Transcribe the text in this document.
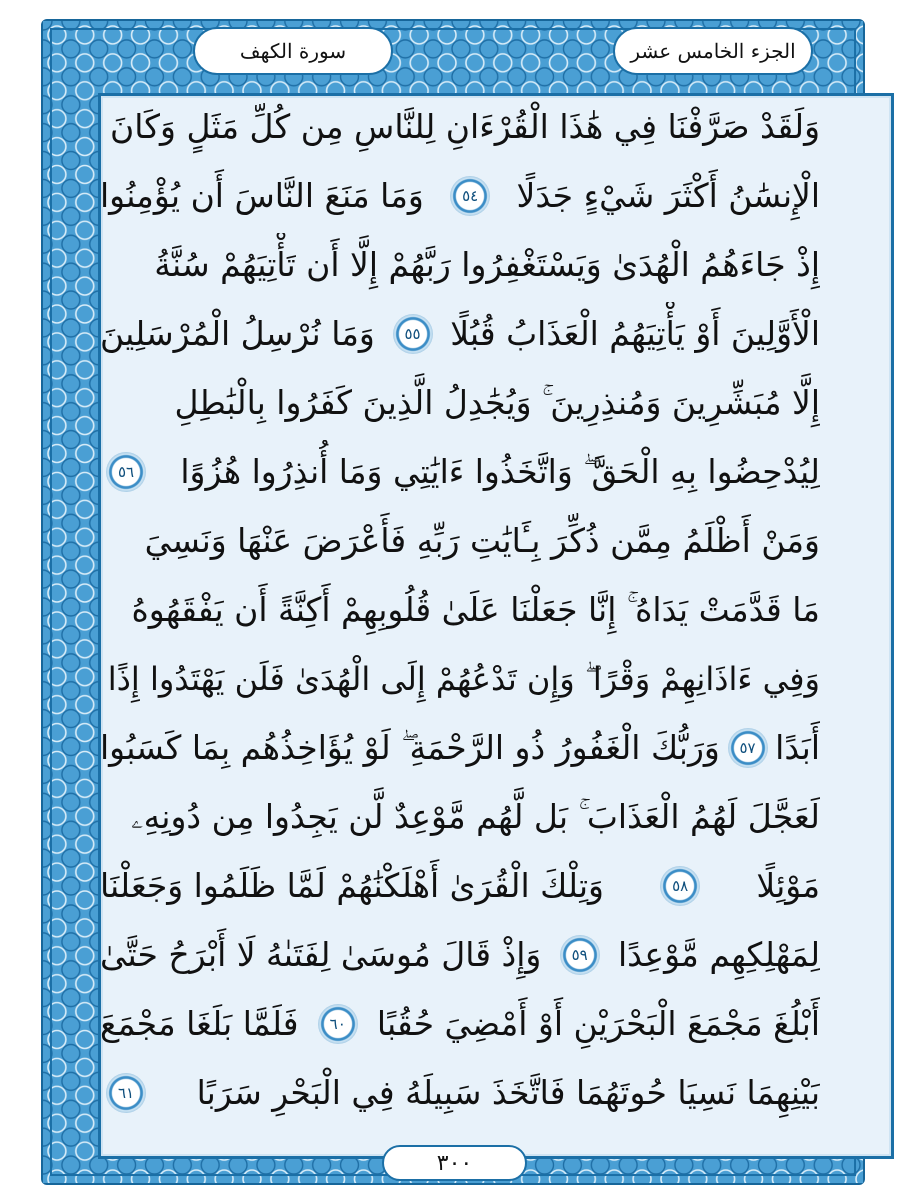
سورة الكهف	الجزء الخامس عشر
وَلَقَدْ صَرَّفْنَا فِي هَٰذَا الْقُرْءَانِ لِلنَّاسِ مِن كُلِّ مَثَلٍ وَكَانَ
الْإِنسَٰنُ أَكْثَرَ شَيْءٍ جَدَلًا
٥٤
وَمَا مَنَعَ النَّاسَ أَن يُؤْمِنُوا
إِذْ جَاءَهُمُ الْهُدَىٰ وَيَسْتَغْفِرُوا رَبَّهُمْ إِلَّا أَن تَأْتِيَهُمْ سُنَّةُ
الْأَوَّلِينَ أَوْ يَأْتِيَهُمُ الْعَذَابُ قُبُلًا
٥٥
وَمَا نُرْسِلُ الْمُرْسَلِينَ
إِلَّا مُبَشِّرِينَ وَمُنذِرِينَ ۚ وَيُجَٰدِلُ الَّذِينَ كَفَرُوا بِالْبَٰطِلِ
لِيُدْحِضُوا بِهِ الْحَقَّ ۖ وَاتَّخَذُوا ءَايَٰتِي وَمَا أُنذِرُوا هُزُوًا
٥٦
وَمَنْ أَظْلَمُ مِمَّن ذُكِّرَ بِـَٔايَٰتِ رَبِّهِ فَأَعْرَضَ عَنْهَا وَنَسِيَ
مَا قَدَّمَتْ يَدَاهُ ۚ إِنَّا جَعَلْنَا عَلَىٰ قُلُوبِهِمْ أَكِنَّةً أَن يَفْقَهُوهُ
وَفِي ءَاذَانِهِمْ وَقْرًا ۖ وَإِن تَدْعُهُمْ إِلَى الْهُدَىٰ فَلَن يَهْتَدُوا إِذًا
أَبَدًا
٥٧
وَرَبُّكَ الْغَفُورُ ذُو الرَّحْمَةِ ۖ لَوْ يُؤَاخِذُهُم بِمَا كَسَبُوا
لَعَجَّلَ لَهُمُ الْعَذَابَ ۚ بَل لَّهُم مَّوْعِدٌ لَّن يَجِدُوا مِن دُونِهِۦ
مَوْئِلًا
٥٨
وَتِلْكَ الْقُرَىٰ أَهْلَكْنَٰهُمْ لَمَّا ظَلَمُوا وَجَعَلْنَا
لِمَهْلِكِهِم مَّوْعِدًا
٥٩
وَإِذْ قَالَ مُوسَىٰ لِفَتَىٰهُ لَا أَبْرَحُ حَتَّىٰ
أَبْلُغَ مَجْمَعَ الْبَحْرَيْنِ أَوْ أَمْضِيَ حُقُبًا
٦٠
فَلَمَّا بَلَغَا مَجْمَعَ
بَيْنِهِمَا نَسِيَا حُوتَهُمَا فَاتَّخَذَ سَبِيلَهُ فِي الْبَحْرِ سَرَبًا
٦١
٣٠٠
